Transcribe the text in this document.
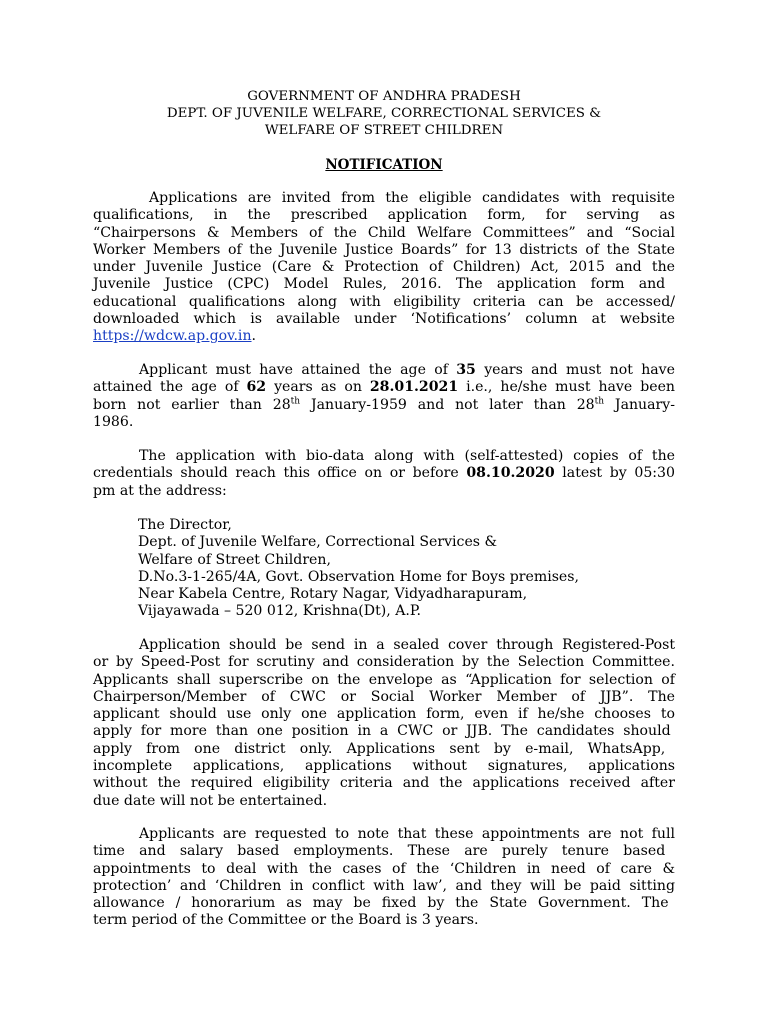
GOVERNMENT OF ANDHRA PRADESH
DEPT. OF JUVENILE WELFARE, CORRECTIONAL SERVICES &
WELFARE OF STREET CHILDREN
NOTIFICATION
Applications are invited from the eligible candidates with requisite
qualifications, in the prescribed application form, for serving as
“Chairpersons & Members of the Child Welfare Committees” and “Social
Worker Members of the Juvenile Justice Boards” for 13 districts of the State
under Juvenile Justice (Care & Protection of Children) Act, 2015 and the
Juvenile Justice (CPC) Model Rules, 2016. The application form and
educational qualifications along with eligibility criteria can be accessed/
downloaded which is available under ‘Notifications’ column at website
https://wdcw.ap.gov.in.
Applicant must have attained the age of 35 years and must not have
attained the age of 62 years as on 28.01.2021 i.e., he/she must have been
born not earlier than 28th January-1959 and not later than 28th January-
1986.
The application with bio-data along with (self-attested) copies of the
credentials should reach this office on or before 08.10.2020 latest by 05:30
pm at the address:
The Director,
Dept. of Juvenile Welfare, Correctional Services &
Welfare of Street Children,
D.No.3-1-265/4A, Govt. Observation Home for Boys premises,
Near Kabela Centre, Rotary Nagar, Vidyadharapuram,
Vijayawada – 520 012, Krishna(Dt), A.P.
Application should be send in a sealed cover through Registered-Post
or by Speed-Post for scrutiny and consideration by the Selection Committee.
Applicants shall superscribe on the envelope as “Application for selection of
Chairperson/Member of CWC or Social Worker Member of JJB”. The
applicant should use only one application form, even if he/she chooses to
apply for more than one position in a CWC or JJB. The candidates should
apply from one district only. Applications sent by e-mail, WhatsApp,
incomplete applications, applications without signatures, applications
without the required eligibility criteria and the applications received after
due date will not be entertained.
Applicants are requested to note that these appointments are not full
time and salary based employments. These are purely tenure based
appointments to deal with the cases of the ‘Children in need of care &
protection’ and ‘Children in conflict with law’, and they will be paid sitting
allowance / honorarium as may be fixed by the State Government. The
term period of the Committee or the Board is 3 years.
